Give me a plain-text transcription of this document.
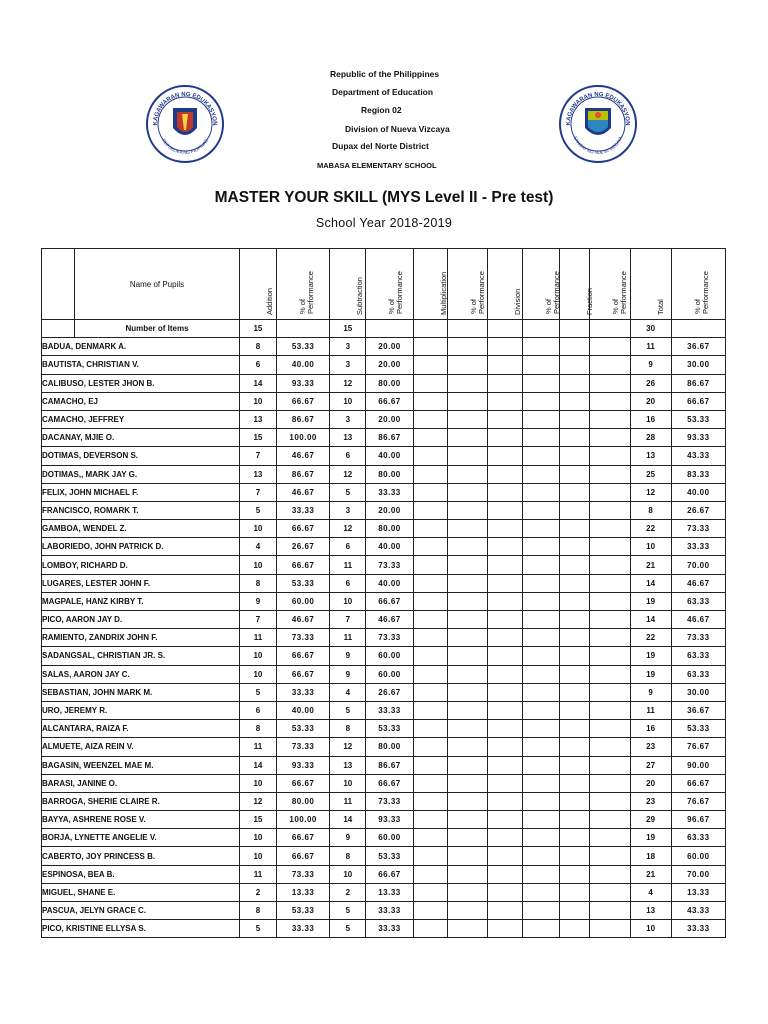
Republic of the Philippines
Department of Education
Region 02
Division of Nueva Vizcaya
Dupax del Norte District
MABASA ELEMENTARY SCHOOL
KAGAWARAN NG EDUKASYON
REPUBLIKA NG PILIPINAS
KAGAWARAN NG EDUKASYON
SANGAY NG NUEVA VIZCAYA
MASTER YOUR SKILL (MYS Level II - Pre test)
School Year 2018-2019
	Name of Pupils	Addition	% of Performance	Subtraction	% of Performance	Multiplication	% of Performance	Division	% of Performance	Fraction	% of Performance	Total	% of Performance
	Number of Items	15		15								30	
BADUA, DENMARK A.		8	53.33	3	20.00							11	36.67
BAUTISTA, CHRISTIAN V.		6	40.00	3	20.00							9	30.00
CALIBUSO, LESTER JHON B.		14	93.33	12	80.00							26	86.67
CAMACHO, EJ		10	66.67	10	66.67							20	66.67
CAMACHO, JEFFREY		13	86.67	3	20.00							16	53.33
DACANAY, MJIE O.		15	100.00	13	86.67							28	93.33
DOTIMAS, DEVERSON S.		7	46.67	6	40.00							13	43.33
DOTIMAS,, MARK JAY G.		13	86.67	12	80.00							25	83.33
FELIX, JOHN MICHAEL F.		7	46.67	5	33.33							12	40.00
FRANCISCO, ROMARK T.		5	33.33	3	20.00							8	26.67
GAMBOA, WENDEL Z.		10	66.67	12	80.00							22	73.33
LABORIEDO, JOHN PATRICK D.		4	26.67	6	40.00							10	33.33
LOMBOY, RICHARD D.		10	66.67	11	73.33							21	70.00
LUGARES, LESTER JOHN F.		8	53.33	6	40.00							14	46.67
MAGPALE, HANZ KIRBY T.		9	60.00	10	66.67							19	63.33
PICO, AARON JAY D.		7	46.67	7	46.67							14	46.67
RAMIENTO, ZANDRIX JOHN F.		11	73.33	11	73.33							22	73.33
SADANGSAL, CHRISTIAN JR. S.		10	66.67	9	60.00							19	63.33
SALAS, AARON JAY C.		10	66.67	9	60.00							19	63.33
SEBASTIAN, JOHN MARK M.		5	33.33	4	26.67							9	30.00
URO, JEREMY R.		6	40.00	5	33.33							11	36.67
ALCANTARA, RAIZA F.		8	53.33	8	53.33							16	53.33
ALMUETE, AIZA REIN V.		11	73.33	12	80.00							23	76.67
BAGASIN, WEENZEL MAE M.		14	93.33	13	86.67							27	90.00
BARASI, JANINE O.		10	66.67	10	66.67							20	66.67
BARROGA, SHERIE CLAIRE R.		12	80.00	11	73.33							23	76.67
BAYYA, ASHRENE ROSE V.		15	100.00	14	93.33							29	96.67
BORJA, LYNETTE ANGELIE V.		10	66.67	9	60.00							19	63.33
CABERTO, JOY PRINCESS B.		10	66.67	8	53.33							18	60.00
ESPINOSA, BEA B.		11	73.33	10	66.67							21	70.00
MIGUEL, SHANE E.		2	13.33	2	13.33							4	13.33
PASCUA, JELYN GRACE C.		8	53.33	5	33.33							13	43.33
PICO, KRISTINE ELLYSA S.		5	33.33	5	33.33							10	33.33
